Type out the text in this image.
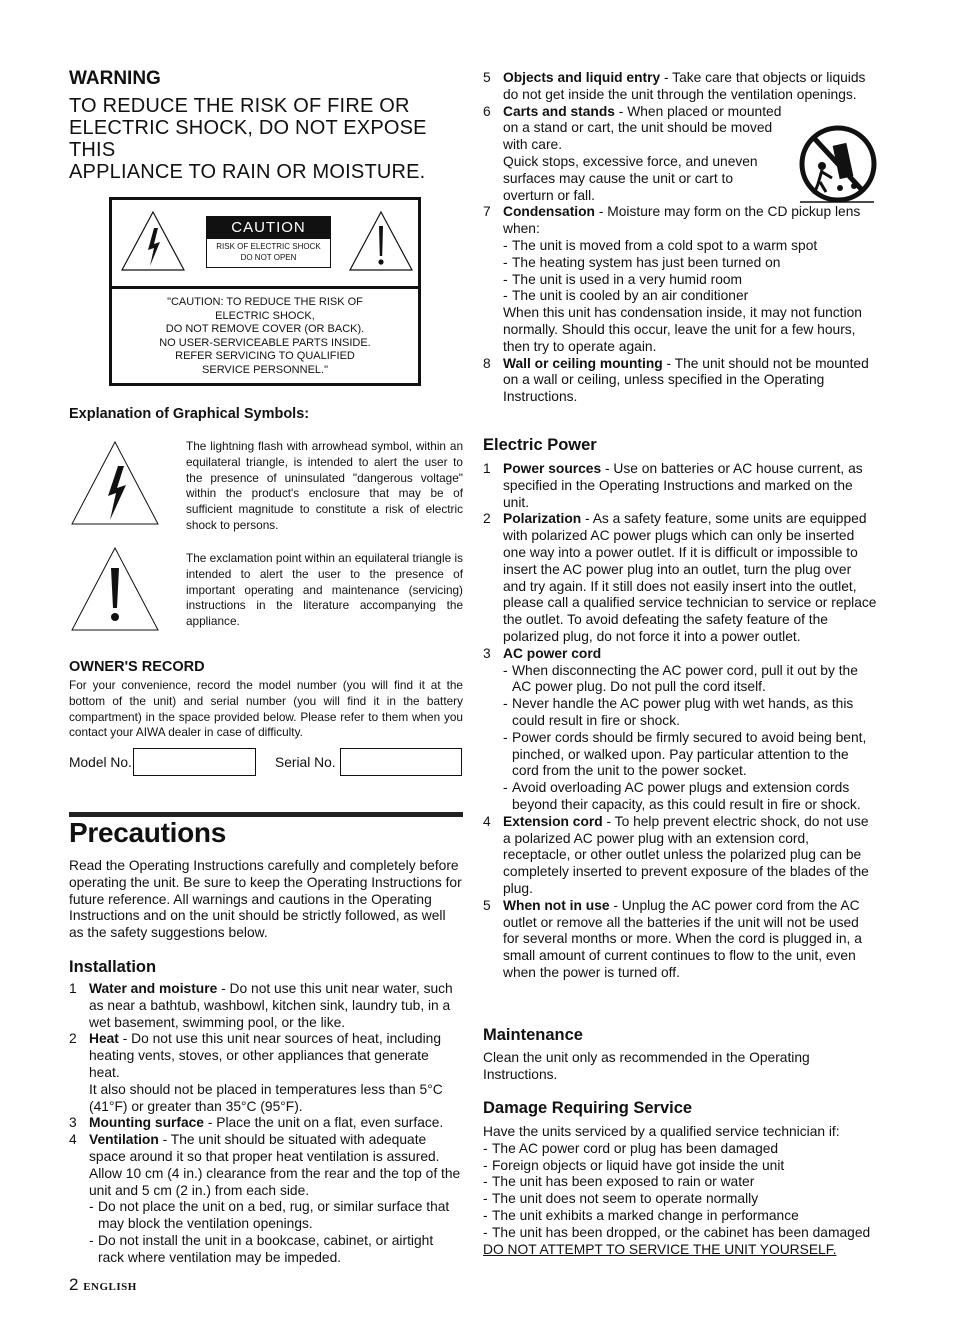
WARNING
TO REDUCE THE RISK OF FIRE OR
ELECTRIC SHOCK, DO NOT EXPOSE THIS
APPLIANCE TO RAIN OR MOISTURE.
CAUTION
RISK OF ELECTRIC SHOCK
DO NOT OPEN
"CAUTION: TO REDUCE THE RISK OF
ELECTRIC SHOCK,
DO NOT REMOVE COVER (OR BACK).
NO USER-SERVICEABLE PARTS INSIDE.
REFER SERVICING TO QUALIFIED
SERVICE PERSONNEL."
Explanation of Graphical Symbols:
The lightning flash with arrowhead symbol, within an equilateral triangle, is intended to alert the user to the presence of uninsulated "dangerous voltage" within the product's enclosure that may be of sufficient magnitude to constitute a risk of electric shock to persons.
The exclamation point within an equilateral triangle is intended to alert the user to the presence of important operating and maintenance (servicing) instructions in the literature accompanying the appliance.
OWNER'S RECORD
For your convenience, record the model number (you will find it at the bottom of the unit) and serial number (you will find it in the battery compartment) in the space provided below. Please refer to them when you contact your AIWA dealer in case of difficulty.
Model No.	Serial No.
Precautions
Read the Operating Instructions carefully and completely before operating the unit. Be sure to keep the Operating Instructions for future reference. All warnings and cautions in the Operating Instructions and on the unit should be strictly followed, as well as the safety suggestions below.
Installation
1 Water and moisture - Do not use this unit near water, such as near a bathtub, washbowl, kitchen sink, laundry tub, in a wet basement, swimming pool, or the like.
2 Heat - Do not use this unit near sources of heat, including heating vents, stoves, or other appliances that generate heat.
It also should not be placed in temperatures less than 5°C (41°F) or greater than 35°C (95°F).
3 Mounting surface - Place the unit on a flat, even surface.
4 Ventilation - The unit should be situated with adequate space around it so that proper heat ventilation is assured. Allow 10 cm (4 in.) clearance from the rear and the top of the unit and 5 cm (2 in.) from each side.
- Do not place the unit on a bed, rug, or similar surface that may block the ventilation openings.
- Do not install the unit in a bookcase, cabinet, or airtight rack where ventilation may be impeded.
2 ENGLISH
5 Objects and liquid entry - Take care that objects or liquids do not get inside the unit through the ventilation openings.
6 Carts and stands - When placed or mounted on a stand or cart, the unit should be moved with care.
Quick stops, excessive force, and uneven surfaces may cause the unit or cart to overturn or fall.
7 Condensation - Moisture may form on the CD pickup lens when:
- The unit is moved from a cold spot to a warm spot
- The heating system has just been turned on
- The unit is used in a very humid room
- The unit is cooled by an air conditioner
When this unit has condensation inside, it may not function normally. Should this occur, leave the unit for a few hours, then try to operate again.
8 Wall or ceiling mounting - The unit should not be mounted on a wall or ceiling, unless specified in the Operating Instructions.
Electric Power
1 Power sources - Use on batteries or AC house current, as specified in the Operating Instructions and marked on the unit.
2 Polarization - As a safety feature, some units are equipped with polarized AC power plugs which can only be inserted one way into a power outlet. If it is difficult or impossible to insert the AC power plug into an outlet, turn the plug over and try again. If it still does not easily insert into the outlet, please call a qualified service technician to service or replace the outlet. To avoid defeating the safety feature of the polarized plug, do not force it into a power outlet.
3 AC power cord
- When disconnecting the AC power cord, pull it out by the AC power plug. Do not pull the cord itself.
- Never handle the AC power plug with wet hands, as this could result in fire or shock.
- Power cords should be firmly secured to avoid being bent, pinched, or walked upon. Pay particular attention to the cord from the unit to the power socket.
- Avoid overloading AC power plugs and extension cords beyond their capacity, as this could result in fire or shock.
4 Extension cord - To help prevent electric shock, do not use a polarized AC power plug with an extension cord, receptacle, or other outlet unless the polarized plug can be completely inserted to prevent exposure of the blades of the plug.
5 When not in use - Unplug the AC power cord from the AC outlet or remove all the batteries if the unit will not be used for several months or more. When the cord is plugged in, a small amount of current continues to flow to the unit, even when the power is turned off.
Maintenance
Clean the unit only as recommended in the Operating Instructions.
Damage Requiring Service
Have the units serviced by a qualified service technician if:
- The AC power cord or plug has been damaged
- Foreign objects or liquid have got inside the unit
- The unit has been exposed to rain or water
- The unit does not seem to operate normally
- The unit exhibits a marked change in performance
- The unit has been dropped, or the cabinet has been damaged
DO NOT ATTEMPT TO SERVICE THE UNIT YOURSELF.
